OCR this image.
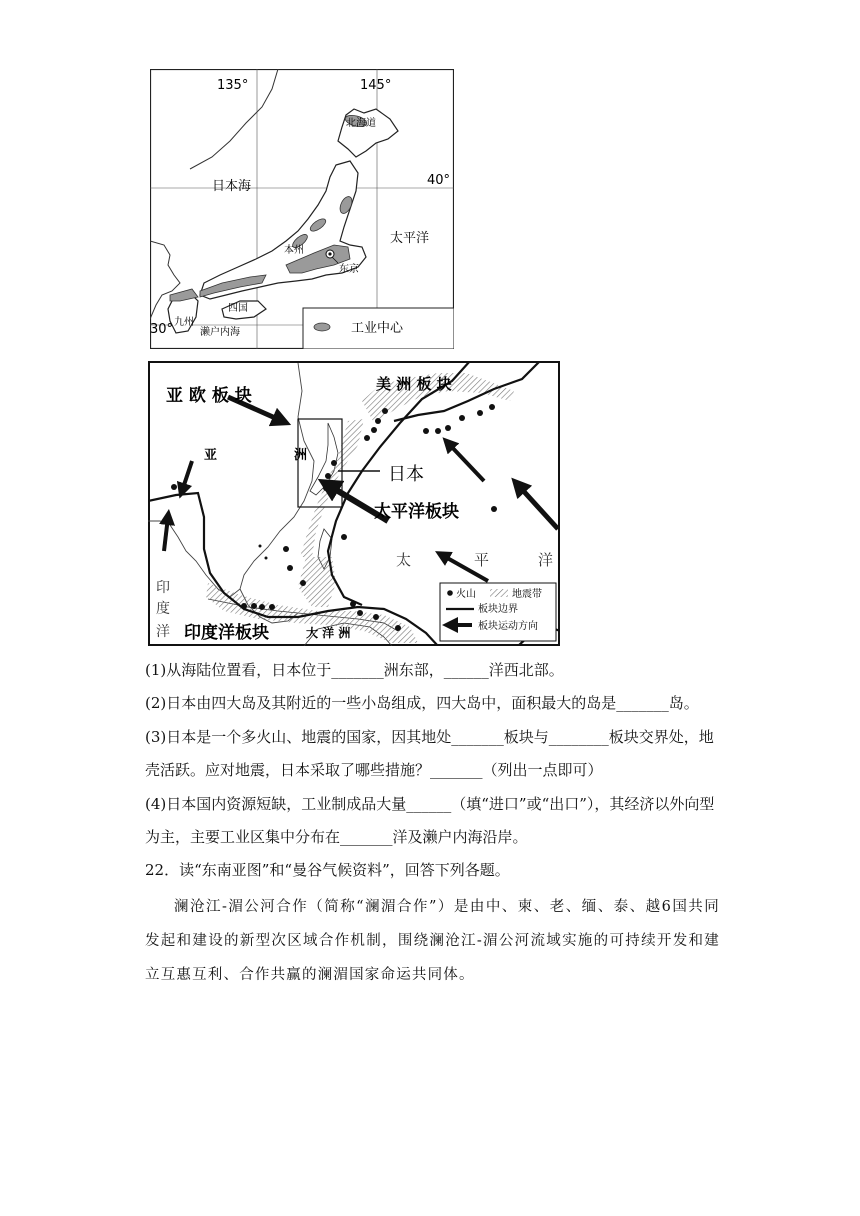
135°	145°
40°
30°
日本海
太平洋
北海道
本州
东京
四国
九州
濑户内海	工业中心
亚 欧 板 块
美 洲 板 块
太平洋板块
印度洋板块
亚	洲
日本
太	平	洋
印
度
洋	大 洋 洲
火山	地震带
板块边界
板块运动方向
(1)从海陆位置看，日本位于_______洲东部，______洋西北部。
(2)日本由四大岛及其附近的一些小岛组成，四大岛中，面积最大的岛是_______岛。
(3)日本是一个多火山、地震的国家，因其地处_______板块与________板块交界处，地
壳活跃。应对地震，日本采取了哪些措施？_______（列出一点即可）
(4)日本国内资源短缺，工业制成品大量______（填“进口”或“出口”），其经济以外向型
为主，主要工业区集中分布在_______洋及濑户内海沿岸。
22．读“东南亚图”和“曼谷气候资料”，回答下列各题。
澜沧江-湄公河合作（简称“澜湄合作”）是由中、柬、老、缅、泰、越6国共同发起和建设的新型次区域合作机制，围绕澜沧江-湄公河流域实施的可持续开发和建立互惠互利、合作共赢的澜湄国家命运共同体。
